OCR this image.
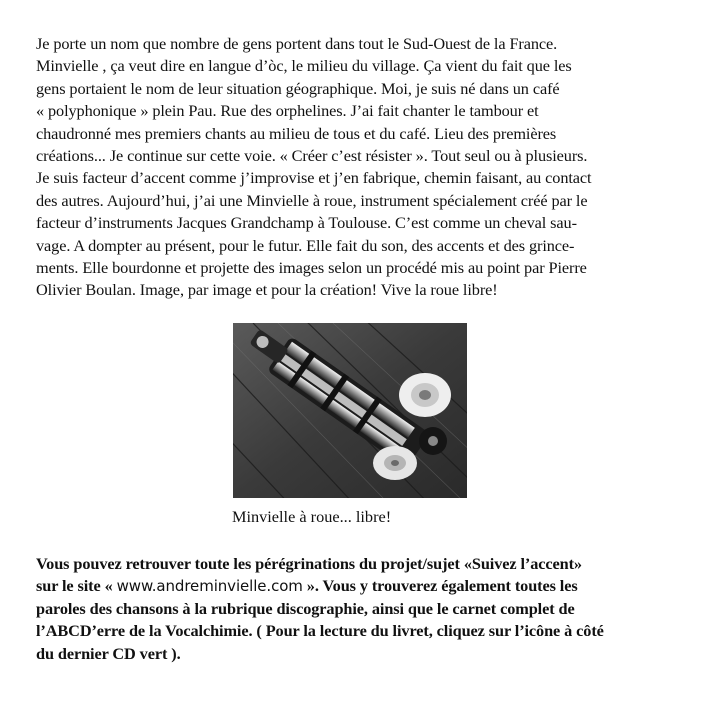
Je porte un nom que nombre de gens portent dans tout le Sud-Ouest de la France.
Minvielle , ça veut dire en langue d’òc, le milieu du village. Ça vient du fait que les
gens portaient le nom de leur situation géographique. Moi, je suis né dans un café
« polyphonique » plein Pau. Rue des orphelines. J’ai fait chanter le tambour et
chaudronné mes premiers chants au milieu de tous et du café. Lieu des premières
créations... Je continue sur cette voie. « Créer c’est résister ». Tout seul ou à plusieurs.
Je suis facteur d’accent comme j’improvise et j’en fabrique, chemin faisant, au contact
des autres. Aujourd’hui, j’ai une Minvielle à roue, instrument spécialement créé par le
facteur d’instruments Jacques Grandchamp à Toulouse. C’est comme un cheval sau-
vage. A dompter au présent, pour le futur. Elle fait du son, des accents et des grince-
ments. Elle bourdonne et projette des images selon un procédé mis au point par Pierre
Olivier Boulan. Image, par image et pour la création! Vive la roue libre!

Minvielle à roue... libre!

Vous pouvez retrouver toute les pérégrinations du projet/sujet «Suivez l’accent»
sur le site « www.andreminvielle.com ». Vous y trouverez également toutes les
paroles des chansons à la rubrique discographie, ainsi que le carnet complet de
l’ABCD’erre de la Vocalchimie. ( Pour la lecture du livret, cliquez sur l’icône à côté
du dernier CD vert ).
